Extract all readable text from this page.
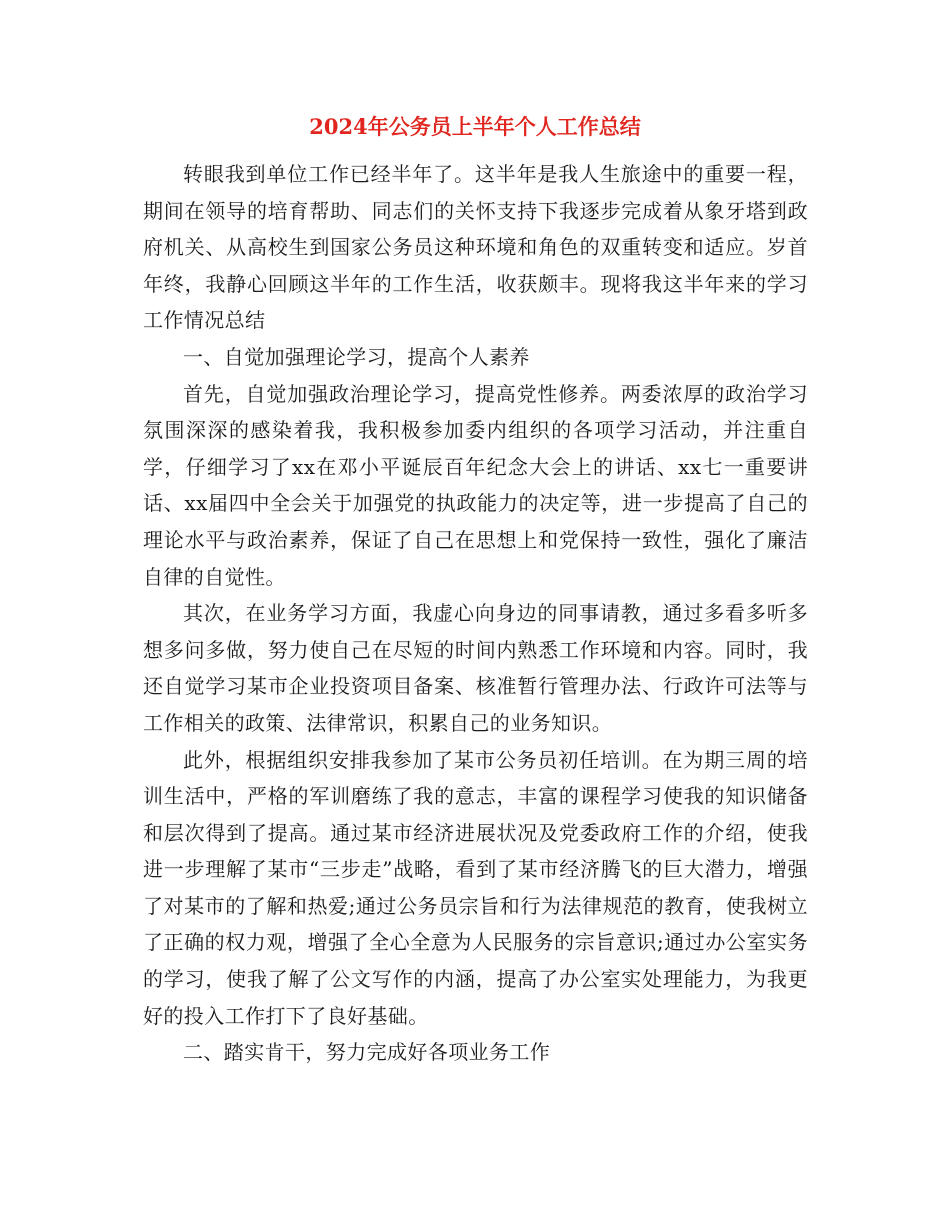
2024年公务员上半年个人工作总结

转眼我到单位工作已经半年了。这半年是我人生旅途中的重要一程，期间在领导的培育帮助、同志们的关怀支持下我逐步完成着从象牙塔到政府机关、从高校生到国家公务员这种环境和角色的双重转变和适应。岁首年终，我静心回顾这半年的工作生活，收获颇丰。现将我这半年来的学习工作情况总结

一、自觉加强理论学习，提高个人素养

首先，自觉加强政治理论学习，提高党性修养。两委浓厚的政治学习氛围深深的感染着我，我积极参加委内组织的各项学习活动，并注重自学，仔细学习了xx在邓小平诞辰百年纪念大会上的讲话、xx七一重要讲话、xx届四中全会关于加强党的执政能力的决定等，进一步提高了自己的理论水平与政治素养，保证了自己在思想上和党保持一致性，强化了廉洁自律的自觉性。

其次，在业务学习方面，我虚心向身边的同事请教，通过多看多听多想多问多做，努力使自己在尽短的时间内熟悉工作环境和内容。同时，我还自觉学习某市企业投资项目备案、核准暂行管理办法、行政许可法等与工作相关的政策、法律常识，积累自己的业务知识。

此外，根据组织安排我参加了某市公务员初任培训。在为期三周的培训生活中，严格的军训磨练了我的意志，丰富的课程学习使我的知识储备和层次得到了提高。通过某市经济进展状况及党委政府工作的介绍，使我进一步理解了某市“三步走”战略，看到了某市经济腾飞的巨大潜力，增强了对某市的了解和热爱;通过公务员宗旨和行为法律规范的教育，使我树立了正确的权力观，增强了全心全意为人民服务的宗旨意识;通过办公室实务的学习，使我了解了公文写作的内涵，提高了办公室实处理能力，为我更好的投入工作打下了良好基础。

二、踏实肯干，努力完成好各项业务工作
